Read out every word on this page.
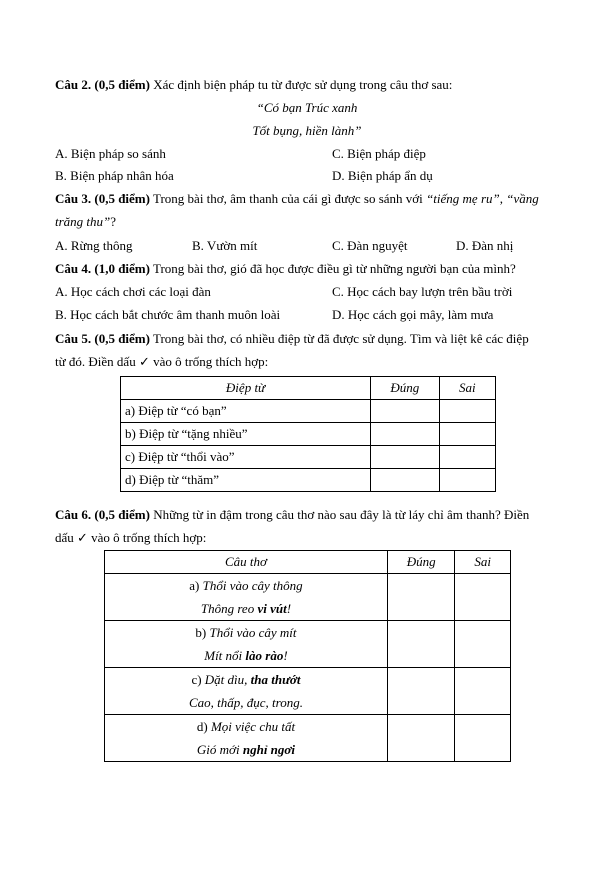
Câu 2. (0,5 điểm) Xác định biện pháp tu từ được sử dụng trong câu thơ sau:
“Có bạn Trúc xanh
Tốt bụng, hiền lành”
A. Biện pháp so sánh	C. Biện pháp điệp
B. Biện pháp nhân hóa	D. Biện pháp ẩn dụ
Câu 3. (0,5 điểm) Trong bài thơ, âm thanh của cái gì được so sánh với “tiếng mẹ ru”, “vầng
trăng thu”?
A. Rừng thông	B. Vườn mít	C. Đàn nguyệt	D. Đàn nhị
Câu 4. (1,0 điểm) Trong bài thơ, gió đã học được điều gì từ những người bạn của mình?
A. Học cách chơi các loại đàn	C. Học cách bay lượn trên bầu trời
B. Học cách bắt chước âm thanh muôn loài	D. Học cách gọi mây, làm mưa
Câu 5. (0,5 điểm) Trong bài thơ, có nhiều điệp từ đã được sử dụng. Tìm và liệt kê các điệp
từ đó. Điền dấu ✓ vào ô trống thích hợp:
Điệp từ	Đúng	Sai
a) Điệp từ “có bạn”		
b) Điệp từ “tặng nhiều”		
c) Điệp từ “thổi vào”		
d) Điệp từ “thăm”		
Câu 6. (0,5 điểm) Những từ in đậm trong câu thơ nào sau đây là từ láy chỉ âm thanh? Điền
dấu ✓ vào ô trống thích hợp:
Câu thơ	Đúng	Sai

a) Thổi vào cây thông
Thông reo vi vút!		

b) Thổi vào cây mít
Mít nổi lào rào!		

c) Dặt dìu, tha thướt
Cao, thấp, đục, trong.		

d) Mọi việc chu tất
Gió mới nghỉ ngơi		
